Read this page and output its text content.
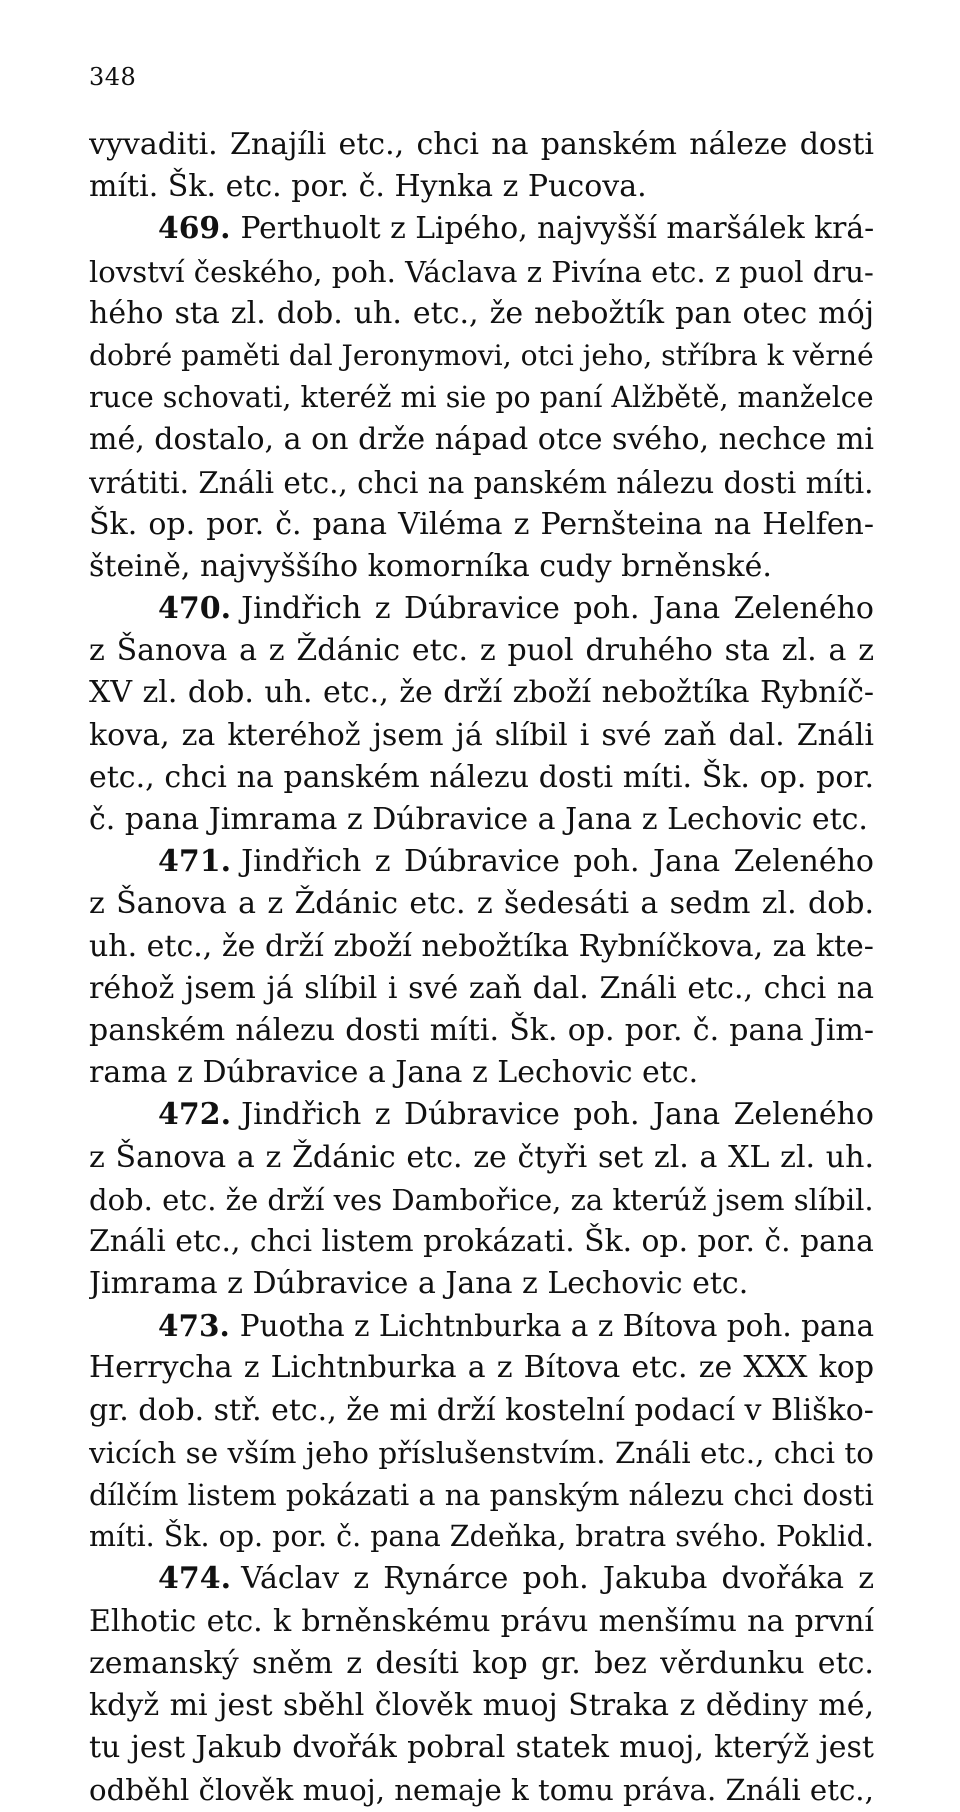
348
vyvaditi. Znajíli etc., chci na panském náleze dosti
míti. Šk. etc. por. č. Hynka z Pucova.
469. Perthuolt z Lipého, najvyšší maršálek krá-
lovství českého, poh. Václava z Pivína etc. z puol dru-
hého sta zl. dob. uh. etc., že nebožtík pan otec mój
dobré paměti dal Jeronymovi, otci jeho, stříbra k věrné
ruce schovati, kteréž mi sie po paní Alžbětě, manželce
mé, dostalo, a on drže nápad otce svého, nechce mi
vrátiti. Ználi etc., chci na panském nálezu dosti míti.
Šk. op. por. č. pana Viléma z Pernšteina na Helfen-
šteině, najvyššího komorníka cudy brněnské.
470. Jindřich z Dúbravice poh. Jana Zeleného
z Šanova a z Ždánic etc. z puol druhého sta zl. a z
XV zl. dob. uh. etc., že drží zboží nebožtíka Rybníč-
kova, za kteréhož jsem já slíbil i své zaň dal. Ználi
etc., chci na panském nálezu dosti míti. Šk. op. por.
č. pana Jimrama z Dúbravice a Jana z Lechovic etc.
471. Jindřich z Dúbravice poh. Jana Zeleného
z Šanova a z Ždánic etc. z šedesáti a sedm zl. dob.
uh. etc., že drží zboží nebožtíka Rybníčkova, za kte-
réhož jsem já slíbil i své zaň dal. Ználi etc., chci na
panském nálezu dosti míti. Šk. op. por. č. pana Jim-
rama z Dúbravice a Jana z Lechovic etc.
472. Jindřich z Dúbravice poh. Jana Zeleného
z Šanova a z Ždánic etc. ze čtyři set zl. a XL zl. uh.
dob. etc. že drží ves Dambořice, za kterúž jsem slíbil.
Ználi etc., chci listem prokázati. Šk. op. por. č. pana
Jimrama z Dúbravice a Jana z Lechovic etc.
473. Puotha z Lichtnburka a z Bítova poh. pana
Herrycha z Lichtnburka a z Bítova etc. ze XXX kop
gr. dob. stř. etc., že mi drží kostelní podací v Bliško-
vicích se vším jeho příslušenstvím. Ználi etc., chci to
dílčím listem pokázati a na panským nálezu chci dosti
míti. Šk. op. por. č. pana Zdeňka, bratra svého. Poklid.
474. Václav z Rynárce poh. Jakuba dvořáka z
Elhotic etc. k brněnskému právu menšímu na první
zemanský sněm z desíti kop gr. bez věrdunku etc.
když mi jest sběhl člověk muoj Straka z dědiny mé,
tu jest Jakub dvořák pobral statek muoj, kterýž jest
odběhl člověk muoj, nemaje k tomu práva. Ználi etc.,
